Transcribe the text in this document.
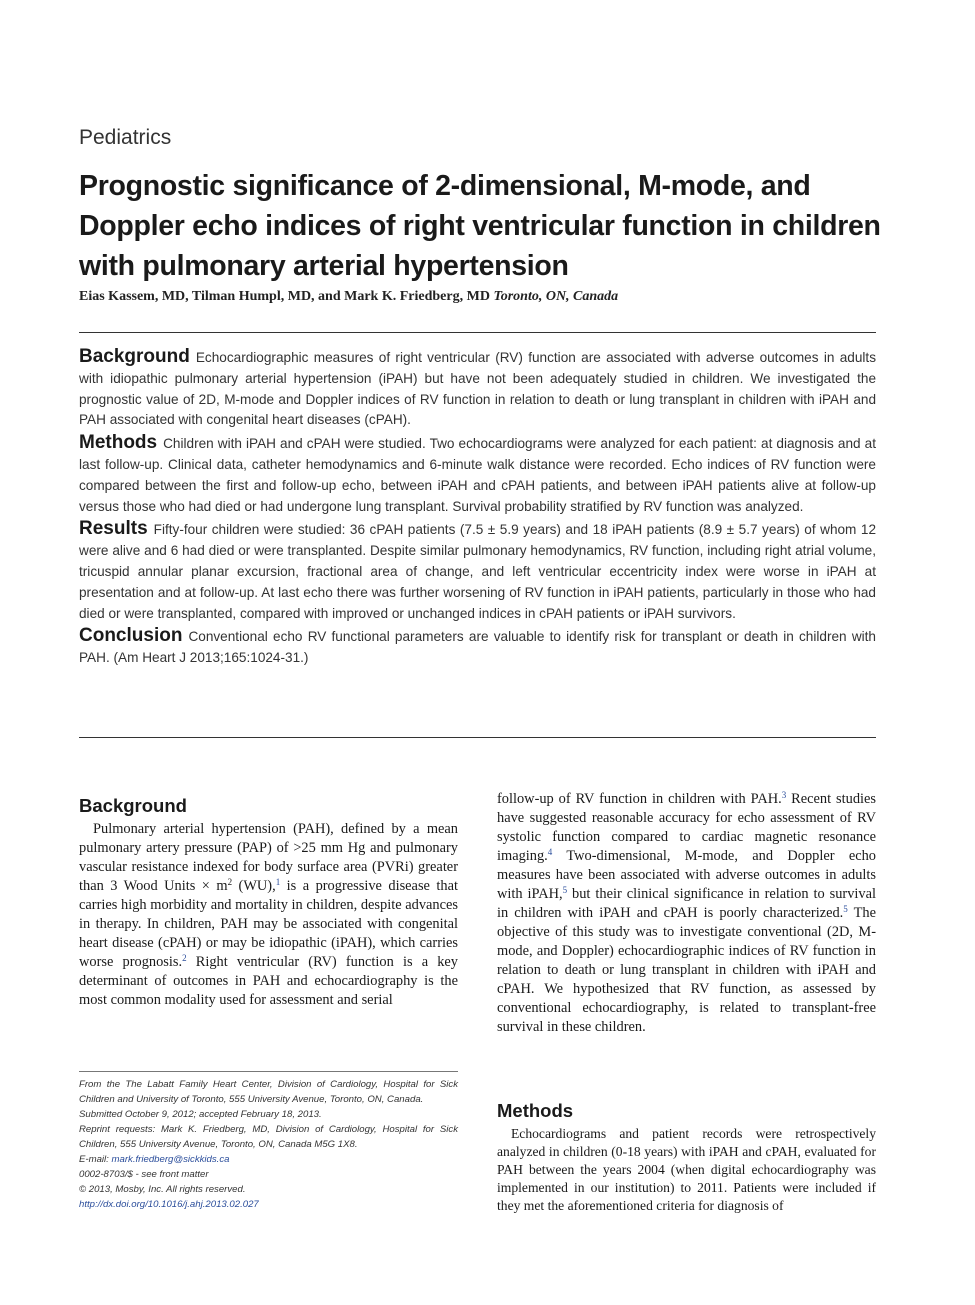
Pediatrics
Prognostic significance of 2-dimensional, M-mode, and Doppler echo indices of right ventricular function in children with pulmonary arterial hypertension
Eias Kassem, MD, Tilman Humpl, MD, and Mark K. Friedberg, MD Toronto, ON, Canada

Background Echocardiographic measures of right ventricular (RV) function are associated with adverse outcomes in adults with idiopathic pulmonary arterial hypertension (iPAH) but have not been adequately studied in children. We investigated the prognostic value of 2D, M-mode and Doppler indices of RV function in relation to death or lung transplant in children with iPAH and PAH associated with congenital heart diseases (cPAH).

Methods Children with iPAH and cPAH were studied. Two echocardiograms were analyzed for each patient: at diagnosis and at last follow-up. Clinical data, catheter hemodynamics and 6-minute walk distance were recorded. Echo indices of RV function were compared between the first and follow-up echo, between iPAH and cPAH patients, and between iPAH patients alive at follow-up versus those who had died or had undergone lung transplant. Survival probability stratified by RV function was analyzed.

Results Fifty-four children were studied: 36 cPAH patients (7.5 ± 5.9 years) and 18 iPAH patients (8.9 ± 5.7 years) of whom 12 were alive and 6 had died or were transplanted. Despite similar pulmonary hemodynamics, RV function, including right atrial volume, tricuspid annular planar excursion, fractional area of change, and left ventricular eccentricity index were worse in iPAH at presentation and at follow-up. At last echo there was further worsening of RV function in iPAH patients, particularly in those who had died or were transplanted, compared with improved or unchanged indices in cPAH patients or iPAH survivors.

Conclusion Conventional echo RV functional parameters are valuable to identify risk for transplant or death in children with PAH. (Am Heart J 2013;165:1024-31.)

Background

Pulmonary arterial hypertension (PAH), defined by a mean pulmonary artery pressure (PAP) of >25 mm Hg and pulmonary vascular resistance indexed for body surface area (PVRi) greater than 3 Wood Units × $m^2$ (WU),$^1$ is a progressive disease that carries high morbidity and mortality in children, despite advances in therapy. In children, PAH may be associated with congenital heart disease (cPAH) or may be idiopathic (iPAH), which carries worse prognosis.$^2$ Right ventricular (RV) function is a key determinant of outcomes in PAH and echocardiography is the most common modality used for assessment and serial

follow-up of RV function in children with PAH.$^3$ Recent studies have suggested reasonable accuracy for echo assessment of RV systolic function compared to cardiac magnetic resonance imaging.$^4$ Two-dimensional, M-mode, and Doppler echo measures have been associated with adverse outcomes in adults with iPAH,$^5$ but their clinical significance in relation to survival in children with iPAH and cPAH is poorly characterized.$^5$ The objective of this study was to investigate conventional (2D, M-mode, and Doppler) echocardiographic indices of RV function in relation to death or lung transplant in children with iPAH and cPAH. We hypothesized that RV function, as assessed by conventional echocardiography, is related to transplant-free survival in these children.

Methods

Echocardiograms and patient records were retrospectively analyzed in children (0-18 years) with iPAH and cPAH, evaluated for PAH between the years 2004 (when digital echocardiography was implemented in our institution) to 2011. Patients were included if they met the aforementioned criteria for diagnosis of

From the The Labatt Family Heart Center, Division of Cardiology, Hospital for Sick Children and University of Toronto, 555 University Avenue, Toronto, ON, Canada.
Submitted October 9, 2012; accepted February 18, 2013.
Reprint requests: Mark K. Friedberg, MD, Division of Cardiology, Hospital for Sick Children, 555 University Avenue, Toronto, ON, Canada M5G 1X8.
E-mail: mark.friedberg@sickkids.ca
0002-8703/$ - see front matter
© 2013, Mosby, Inc. All rights reserved.
http://dx.doi.org/10.1016/j.ahj.2013.02.027
